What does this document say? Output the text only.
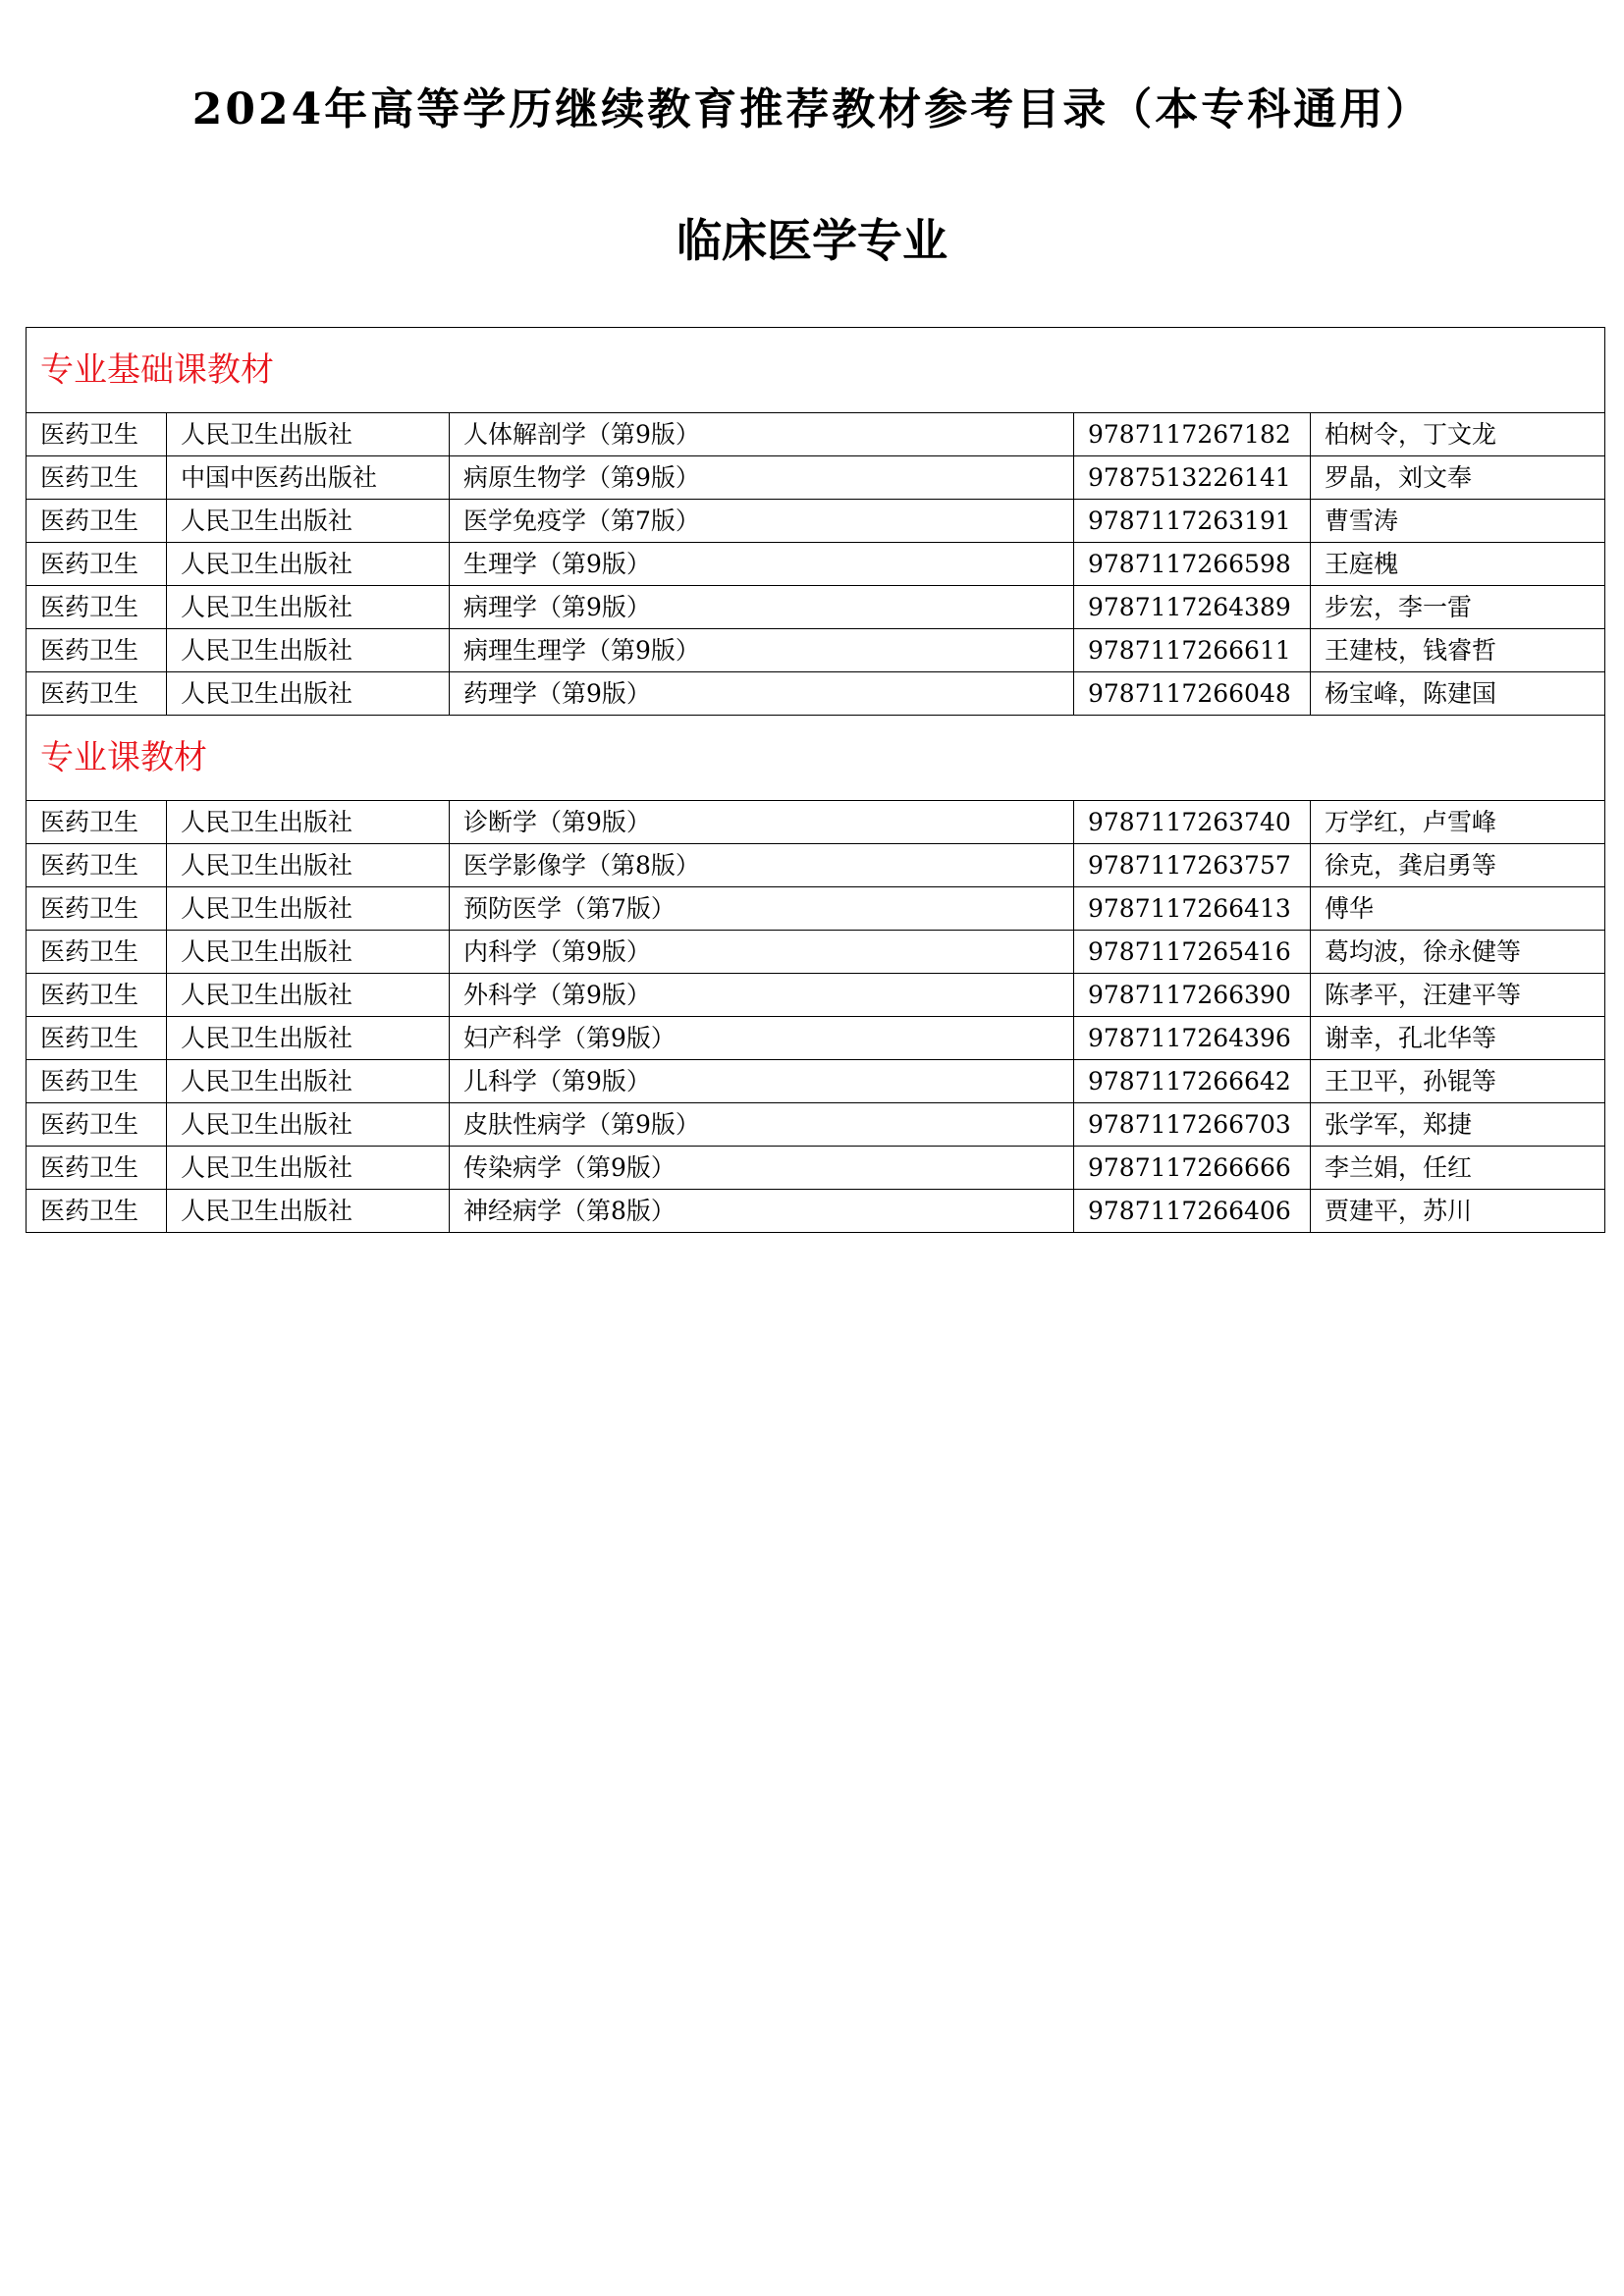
2024年高等学历继续教育推荐教材参考目录（本专科通用）
临床医学专业
专业基础课教材				
医药卫生	人民卫生出版社	人体解剖学（第9版）	9787117267182	柏树令，丁文龙
医药卫生	中国中医药出版社	病原生物学（第9版）	9787513226141	罗晶，刘文奉
医药卫生	人民卫生出版社	医学免疫学（第7版）	9787117263191	曹雪涛
医药卫生	人民卫生出版社	生理学（第9版）	9787117266598	王庭槐
医药卫生	人民卫生出版社	病理学（第9版）	9787117264389	步宏，李一雷
医药卫生	人民卫生出版社	病理生理学（第9版）	9787117266611	王建枝，钱睿哲
医药卫生	人民卫生出版社	药理学（第9版）	9787117266048	杨宝峰，陈建国
专业课教材				
医药卫生	人民卫生出版社	诊断学（第9版）	9787117263740	万学红，卢雪峰
医药卫生	人民卫生出版社	医学影像学（第8版）	9787117263757	徐克，龚启勇等
医药卫生	人民卫生出版社	预防医学（第7版）	9787117266413	傅华
医药卫生	人民卫生出版社	内科学（第9版）	9787117265416	葛均波，徐永健等
医药卫生	人民卫生出版社	外科学（第9版）	9787117266390	陈孝平，汪建平等
医药卫生	人民卫生出版社	妇产科学（第9版）	9787117264396	谢幸，孔北华等
医药卫生	人民卫生出版社	儿科学（第9版）	9787117266642	王卫平，孙锟等
医药卫生	人民卫生出版社	皮肤性病学（第9版）	9787117266703	张学军，郑捷
医药卫生	人民卫生出版社	传染病学（第9版）	9787117266666	李兰娟，任红
医药卫生	人民卫生出版社	神经病学（第8版）	9787117266406	贾建平，苏川
